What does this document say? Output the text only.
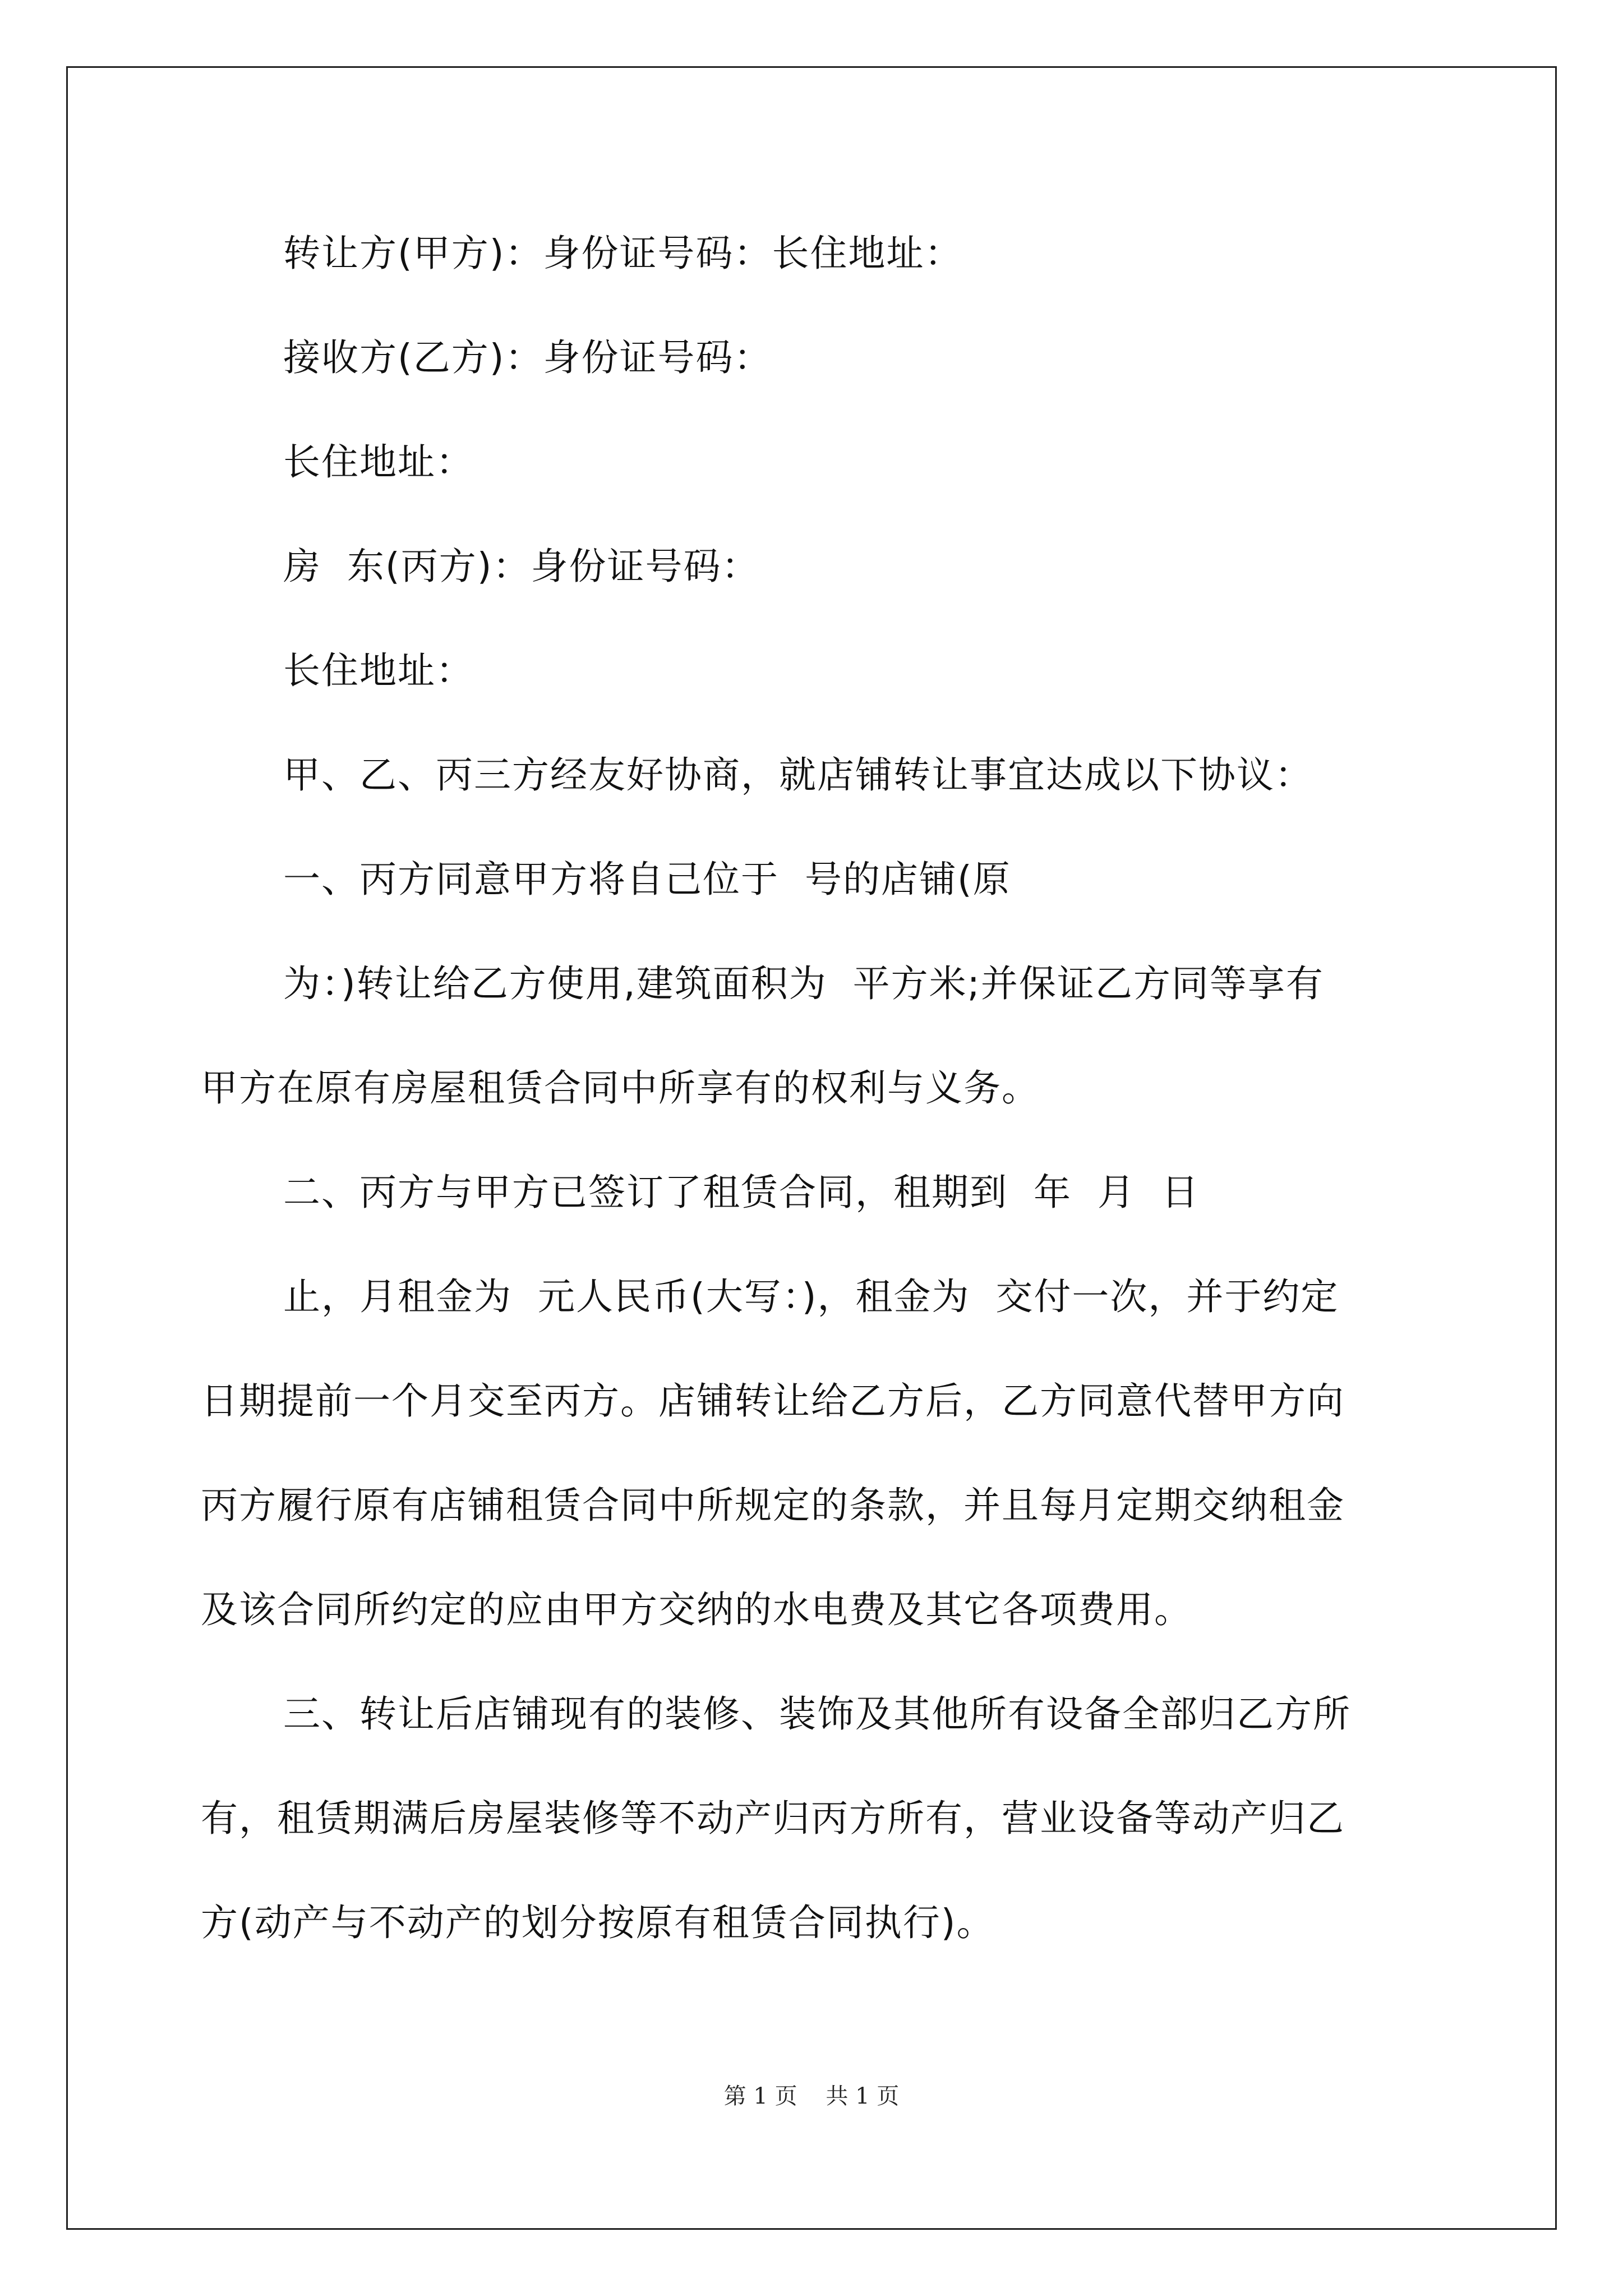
转让方(甲方)：身份证号码：长住地址：
接收方(乙方)：身份证号码：
长住地址：
房  东(丙方)：身份证号码：
长住地址：
甲、乙、丙三方经友好协商，就店铺转让事宜达成以下协议：
一、丙方同意甲方将自己位于  号的店铺(原
为：)转让给乙方使用,建筑面积为  平方米;并保证乙方同等享有
甲方在原有房屋租赁合同中所享有的权利与义务。
二、丙方与甲方已签订了租赁合同，租期到  年  月  日
止，月租金为  元人民币(大写：)，租金为  交付一次，并于约定
日期提前一个月交至丙方。店铺转让给乙方后，乙方同意代替甲方向
丙方履行原有店铺租赁合同中所规定的条款，并且每月定期交纳租金
及该合同所约定的应由甲方交纳的水电费及其它各项费用。
三、转让后店铺现有的装修、装饰及其他所有设备全部归乙方所
有，租赁期满后房屋装修等不动产归丙方所有，营业设备等动产归乙
方(动产与不动产的划分按原有租赁合同执行)。
第 1 页    共 1 页
